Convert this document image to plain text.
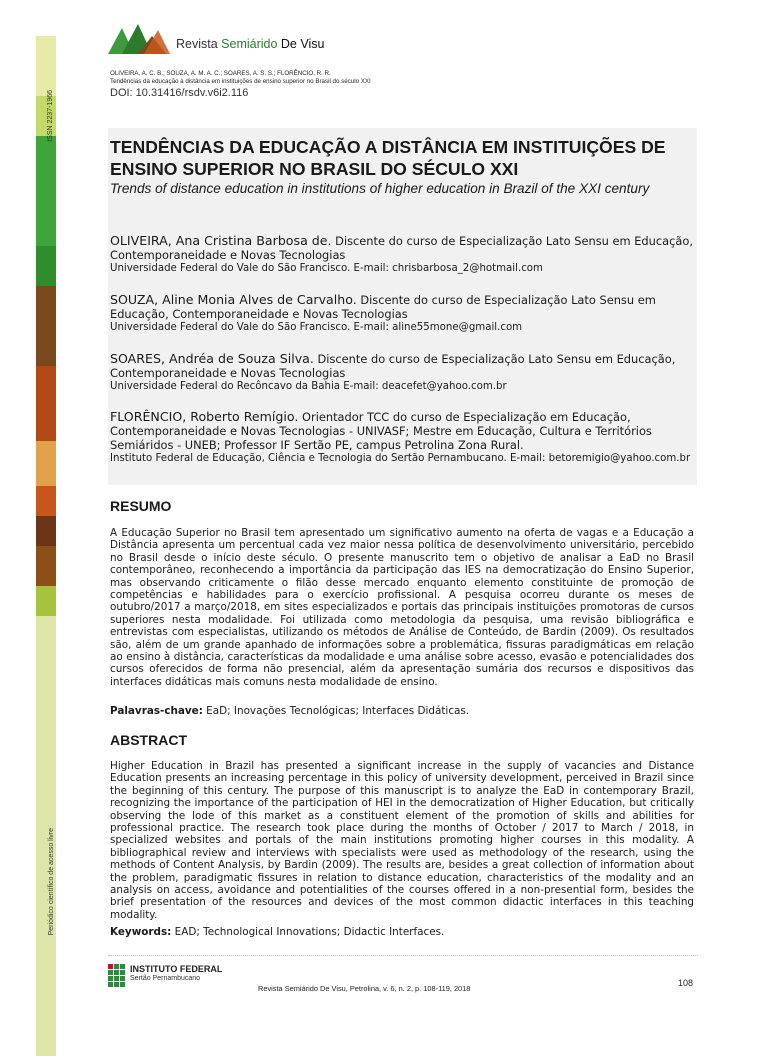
ISSN 2237-1966
Periódico científico de acesso livre
Revista Semiárido De Visu
OLIVEIRA, A. C. B.; SOUZA, A. M. A. C.; SOARES, A. S. S.; FLORÊNCIO, R. R.
Tendências da educação à distância em instituições de ensino superior no Brasil do século XXI
DOI: 10.31416/rsdv.v6i2.116
TENDÊNCIAS DA EDUCAÇÃO A DISTÂNCIA EM INSTITUIÇÕES DE ENSINO SUPERIOR NO BRASIL DO SÉCULO XXI
Trends of distance education in institutions of higher education in Brazil of the XXI century
OLIVEIRA, Ana Cristina Barbosa de. Discente do curso de Especialização Lato Sensu em Educação, Contemporaneidade e Novas Tecnologias
Universidade Federal do Vale do São Francisco. E-mail: chrisbarbosa_2@hotmail.com
SOUZA, Aline Monia Alves de Carvalho. Discente do curso de Especialização Lato Sensu em Educação, Contemporaneidade e Novas Tecnologias
Universidade Federal do Vale do São Francisco. E-mail: aline55mone@gmail.com
SOARES, Andréa de Souza Silva. Discente do curso de Especialização Lato Sensu em Educação, Contemporaneidade e Novas Tecnologias
Universidade Federal do Recôncavo da Bahia E-mail: deacefet@yahoo.com.br
FLORÊNCIO, Roberto Remígio. Orientador TCC do curso de Especialização em Educação, Contemporaneidade e Novas Tecnologias - UNIVASF; Mestre em Educação, Cultura e Territórios Semiáridos - UNEB; Professor IF Sertão PE, campus Petrolina Zona Rural.
Instituto Federal de Educação, Ciência e Tecnologia do Sertão Pernambucano. E-mail: betoremigio@yahoo.com.br
RESUMO
A Educação Superior no Brasil tem apresentado um significativo aumento na oferta de vagas e a Educação a Distância apresenta um percentual cada vez maior nessa política de desenvolvimento universitário, percebido no Brasil desde o início deste século. O presente manuscrito tem o objetivo de analisar a EaD no Brasil contemporâneo, reconhecendo a importância da participação das IES na democratização do Ensino Superior, mas observando criticamente o filão desse mercado enquanto elemento constituinte de promoção de competências e habilidades para o exercício profissional. A pesquisa ocorreu durante os meses de outubro/2017 a março/2018, em sites especializados e portais das principais instituições promotoras de cursos superiores nesta modalidade. Foi utilizada como metodologia da pesquisa, uma revisão bibliográfica e entrevistas com especialistas, utilizando os métodos de Análise de Conteúdo, de Bardin (2009). Os resultados são, além de um grande apanhado de informações sobre a problemática, fissuras paradigmáticas em relação ao ensino à distância, características da modalidade e uma análise sobre acesso, evasão e potencialidades dos cursos oferecidos de forma não presencial, além da apresentação sumária dos recursos e dispositivos das interfaces didáticas mais comuns nesta modalidade de ensino.
Palavras-chave: EaD; Inovações Tecnológicas; Interfaces Didáticas.
ABSTRACT
Higher Education in Brazil has presented a significant increase in the supply of vacancies and Distance Education presents an increasing percentage in this policy of university development, perceived in Brazil since the beginning of this century. The purpose of this manuscript is to analyze the EaD in contemporary Brazil, recognizing the importance of the participation of HEI in the democratization of Higher Education, but critically observing the lode of this market as a constituent element of the promotion of skills and abilities for professional practice. The research took place during the months of October / 2017 to March / 2018, in specialized websites and portals of the main institutions promoting higher courses in this modality. A bibliographical review and interviews with specialists were used as methodology of the research, using the methods of Content Analysis, by Bardin (2009). The results are, besides a great collection of information about the problem, paradigmatic fissures in relation to distance education, characteristics of the modality and an analysis on access, avoidance and potentialities of the courses offered in a non-presential form, besides the brief presentation of the resources and devices of the most common didactic interfaces in this teaching modality.
Keywords: EAD; Technological Innovations; Didactic Interfaces.
INSTITUTO FEDERAL
Sertão Pernambucano
Revista Semiárido De Visu, Petrolina, v. 6, n. 2, p. 108-119, 2018
108
